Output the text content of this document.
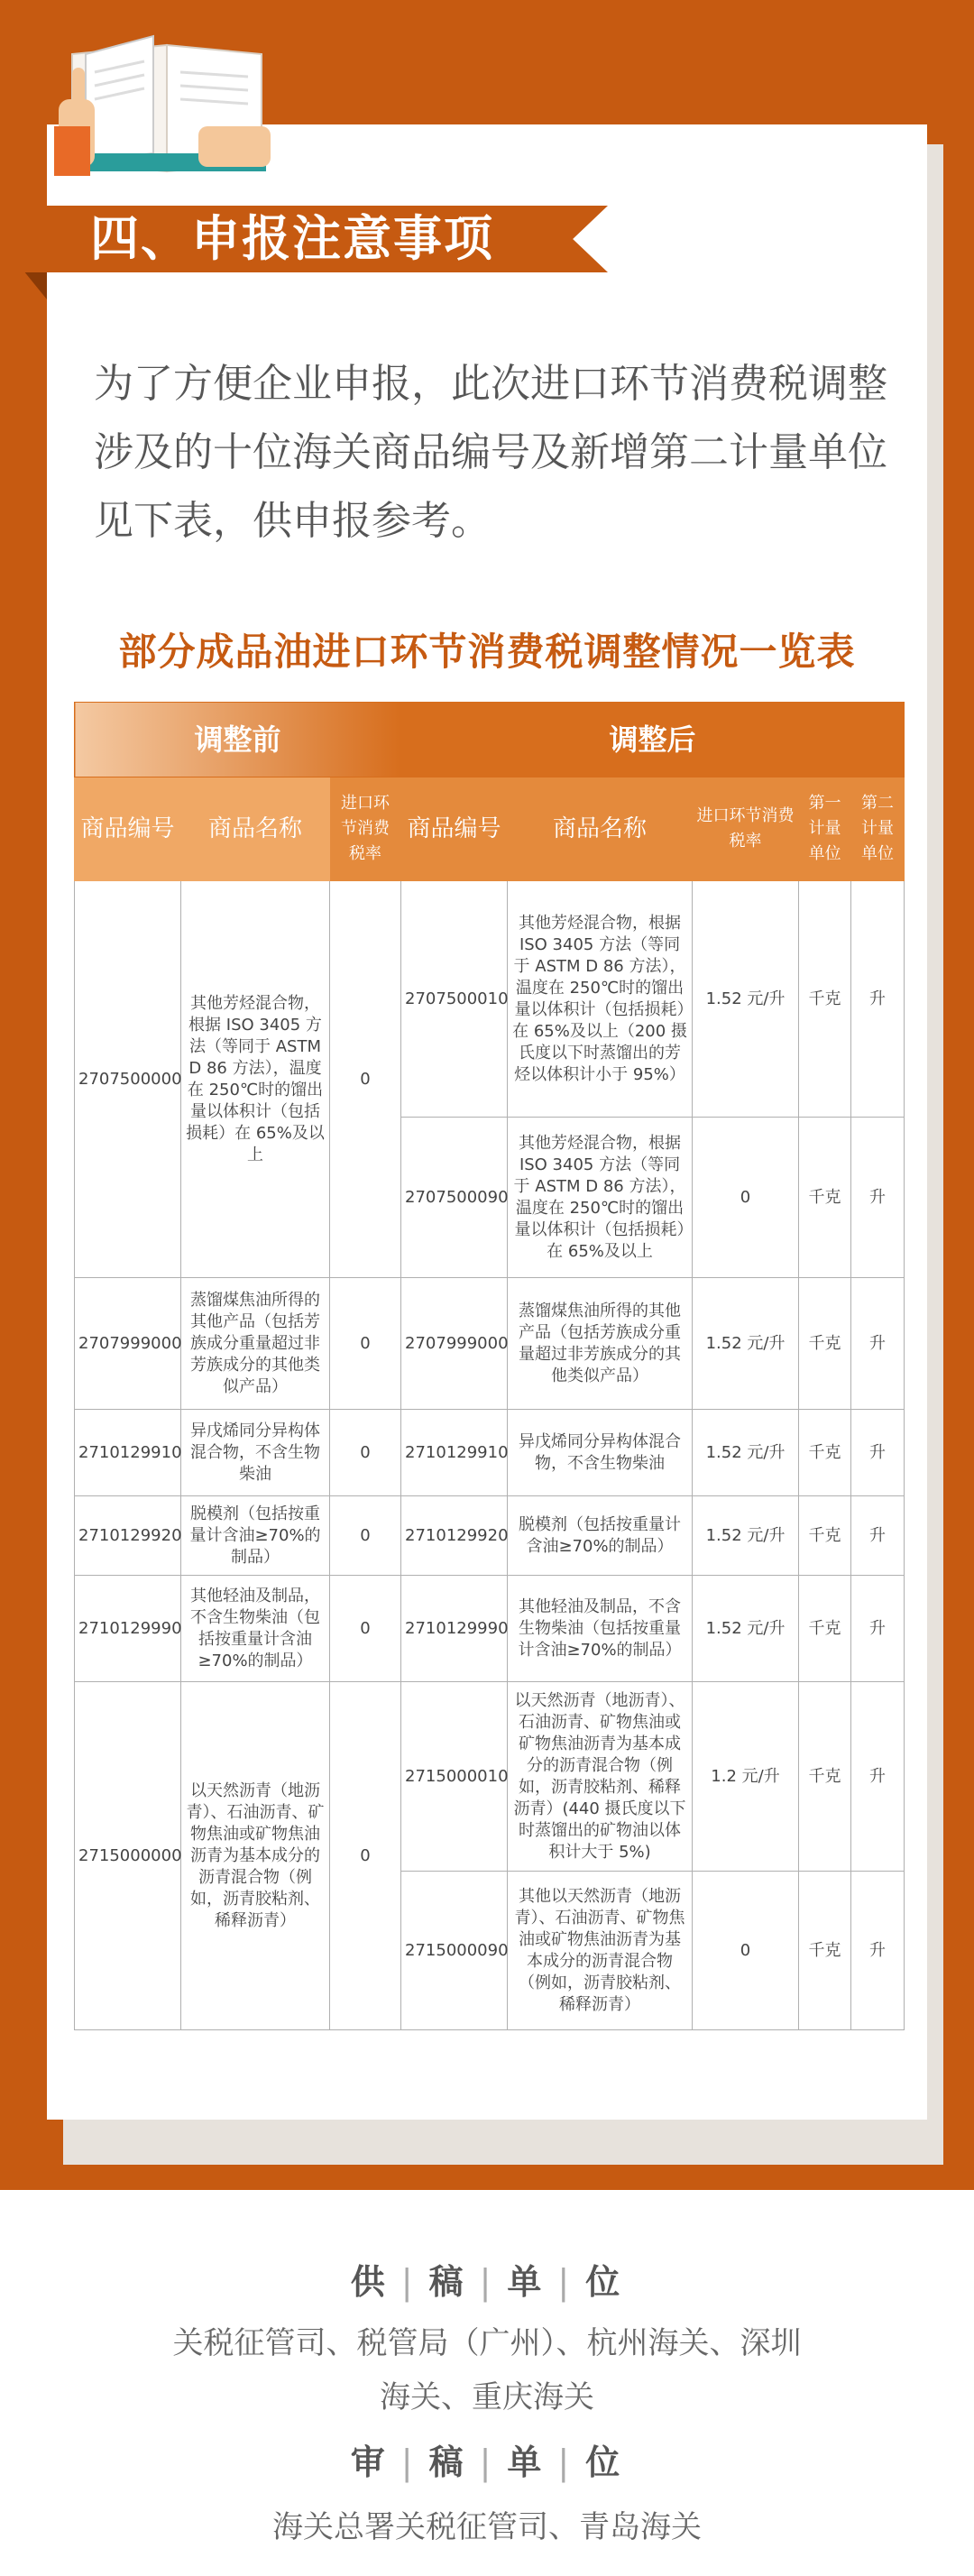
四、申报注意事项

为了方便企业申报，此次进口环节消费税调整涉及的十位海关商品编号及新增第二计量单位见下表，供申报参考。

部分成品油进口环节消费税调整情况一览表
调整前			调整后				
商品编号	商品名称	进口环节消费税率	商品编号	商品名称	进口环节消费税率	第一计量单位	第二计量单位
2707500000	其他芳烃混合物，根据 ISO 3405 方法（等同于 ASTM D 86 方法），温度在 250℃时的馏出量以体积计（包括损耗）在 65%及以上	0	2707500010	其他芳烃混合物，根据 ISO 3405 方法（等同于 ASTM D 86 方法），温度在 250℃时的馏出量以体积计（包括损耗）在 65%及以上（200 摄氏度以下时蒸馏出的芳烃以体积计小于 95%）	1.52 元/升	千克	升
			2707500090	其他芳烃混合物，根据 ISO 3405 方法（等同于 ASTM D 86 方法），温度在 250℃时的馏出量以体积计（包括损耗）在 65%及以上	0	千克	升
2707999000	蒸馏煤焦油所得的其他产品（包括芳族成分重量超过非芳族成分的其他类似产品）	0	2707999000	蒸馏煤焦油所得的其他产品（包括芳族成分重量超过非芳族成分的其他类似产品）	1.52 元/升	千克	升
2710129910	异戊烯同分异构体混合物，不含生物柴油	0	2710129910	异戊烯同分异构体混合物，不含生物柴油	1.52 元/升	千克	升
2710129920	脱模剂（包括按重量计含油≥70%的制品）	0	2710129920	脱模剂（包括按重量计含油≥70%的制品）	1.52 元/升	千克	升
2710129990	其他轻油及制品，不含生物柴油（包括按重量计含油≥70%的制品）	0	2710129990	其他轻油及制品，不含生物柴油（包括按重量计含油≥70%的制品）	1.52 元/升	千克	升
2715000000	以天然沥青（地沥青）、石油沥青、矿物焦油或矿物焦油沥青为基本成分的沥青混合物（例如，沥青胶粘剂、稀释沥青）	0	2715000010	以天然沥青（地沥青）、石油沥青、矿物焦油或矿物焦油沥青为基本成分的沥青混合物（例如，沥青胶粘剂、稀释沥青）(440 摄氏度以下时蒸馏出的矿物油以体积计大于 5%)	1.2 元/升	千克	升
			2715000090	其他以天然沥青（地沥青）、石油沥青、矿物焦油或矿物焦油沥青为基本成分的沥青混合物（例如，沥青胶粘剂、稀释沥青）	0	千克	升
供 | 稿 | 单 | 位
关税征管司、税管局（广州）、杭州海关、深圳海关、重庆海关
审 | 稿 | 单 | 位
海关总署关税征管司、青岛海关
